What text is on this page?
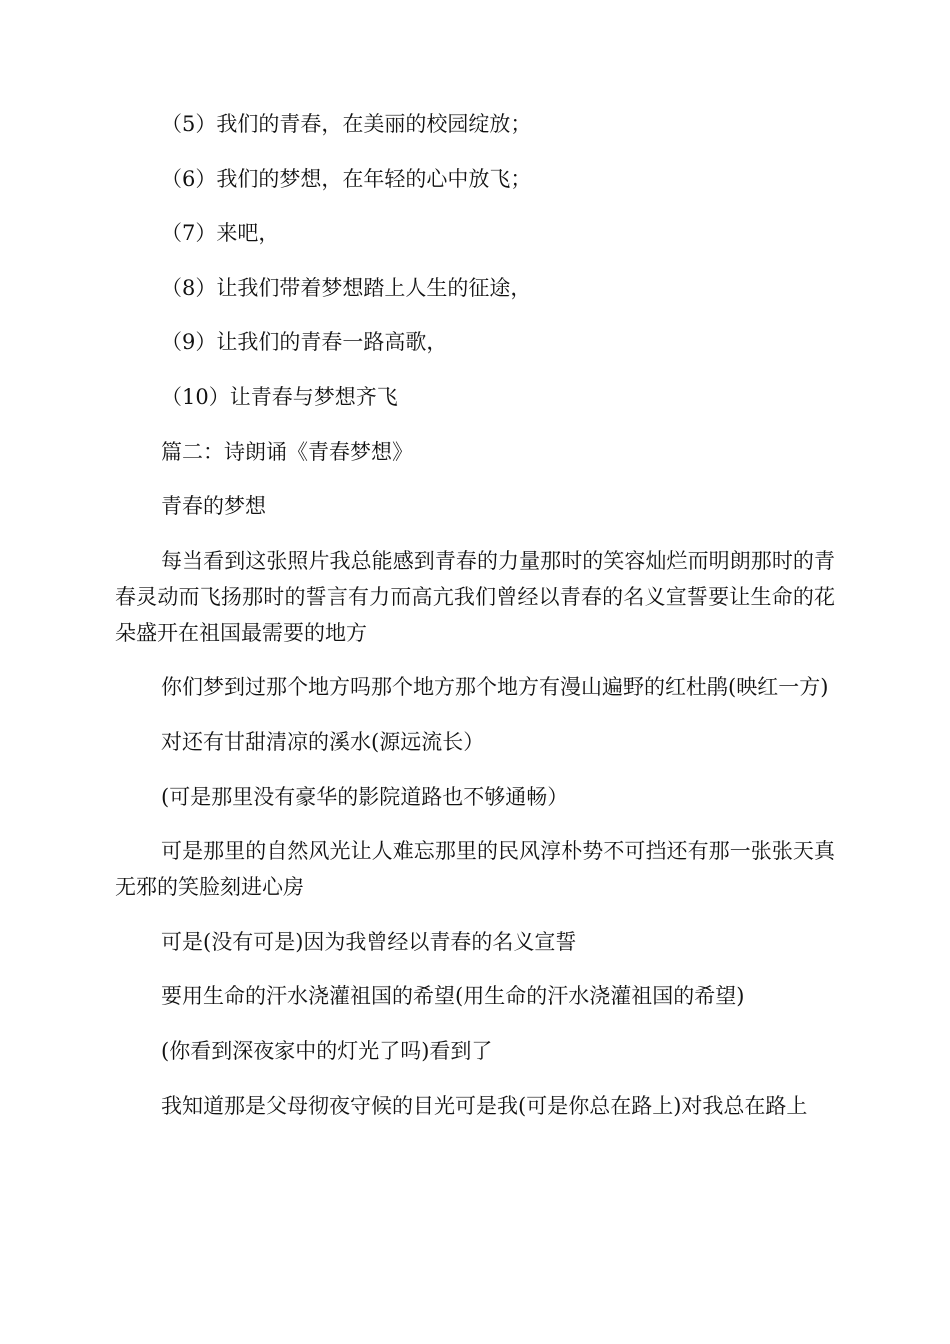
（5）我们的青春，在美丽的校园绽放；

（6）我们的梦想，在年轻的心中放飞；

（7）来吧，

（8）让我们带着梦想踏上人生的征途，

（9）让我们的青春一路高歌，

（10）让青春与梦想齐飞

篇二：诗朗诵《青春梦想》

青春的梦想

每当看到这张照片我总能感到青春的力量那时的笑容灿烂而明朗那时的青春灵动而飞扬那时的誓言有力而高亢我们曾经以青春的名义宣誓要让生命的花朵盛开在祖国最需要的地方

你们梦到过那个地方吗那个地方那个地方有漫山遍野的红杜鹃(映红一方)

对还有甘甜清凉的溪水(源远流长）

(可是那里没有豪华的影院道路也不够通畅）

可是那里的自然风光让人难忘那里的民风淳朴势不可挡还有那一张张天真无邪的笑脸刻进心房

可是(没有可是)因为我曾经以青春的名义宣誓

要用生命的汗水浇灌祖国的希望(用生命的汗水浇灌祖国的希望)

(你看到深夜家中的灯光了吗)看到了

我知道那是父母彻夜守候的目光可是我(可是你总在路上)对我总在路上
